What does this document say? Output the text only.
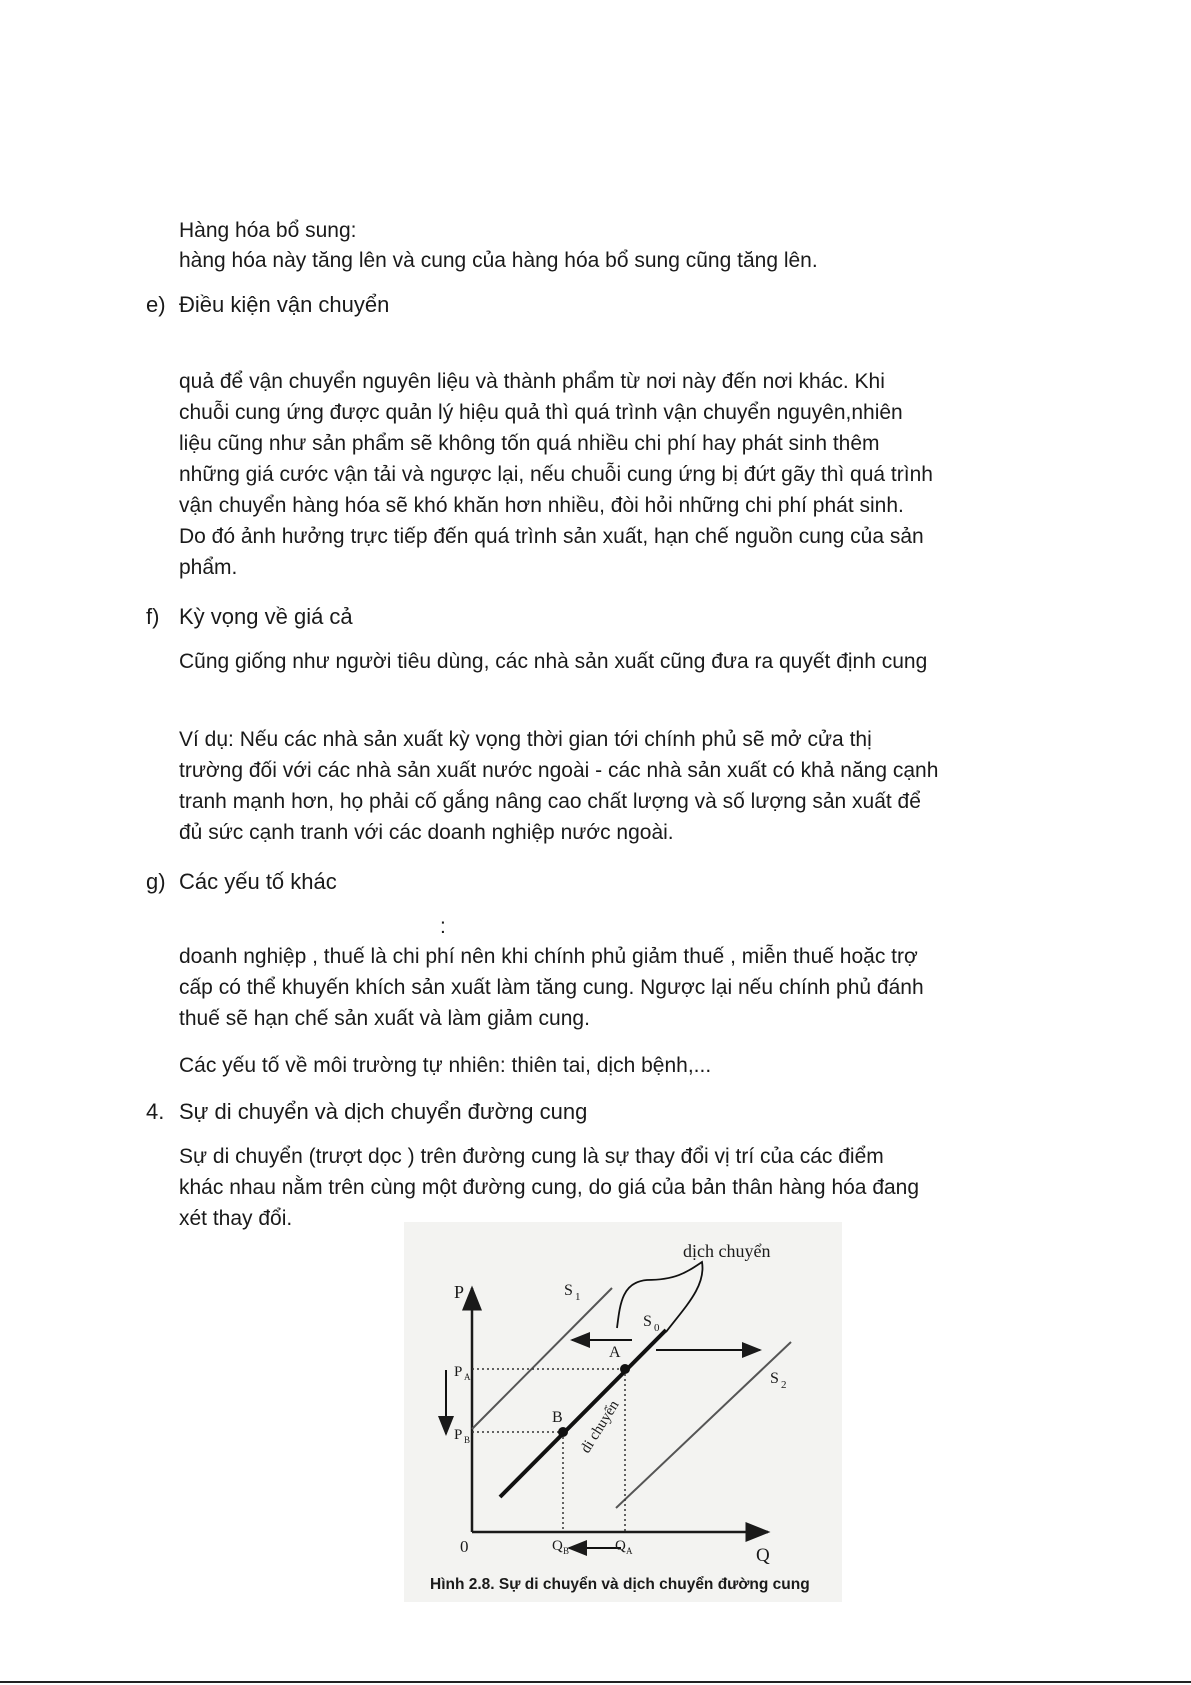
Hàng hóa bổ sung:
hàng hóa này tăng lên và cung của hàng hóa bổ sung cũng tăng lên.
e) Điều kiện vận chuyển
quả để vận chuyển nguyên liệu và thành phẩm từ nơi này đến nơi khác. Khi
chuỗi cung ứng được quản lý hiệu quả thì quá trình vận chuyển nguyên,nhiên
liệu cũng như sản phẩm sẽ không tốn quá nhiều chi phí hay phát sinh thêm
những giá cước vận tải và ngược lại, nếu chuỗi cung ứng bị đứt gãy thì quá trình
vận chuyển hàng hóa sẽ khó khăn hơn nhiều, đòi hỏi những chi phí phát sinh.
Do đó ảnh hưởng trực tiếp đến quá trình sản xuất, hạn chế nguồn cung của sản
phẩm.
f) Kỳ vọng về giá cả
Cũng giống như người tiêu dùng, các nhà sản xuất cũng đưa ra quyết định cung
Ví dụ: Nếu các nhà sản xuất kỳ vọng thời gian tới chính phủ sẽ mở cửa thị
trường đối với các nhà sản xuất nước ngoài - các nhà sản xuất có khả năng cạnh
tranh mạnh hơn, họ phải cố gắng nâng cao chất lượng và số lượng sản xuất để
đủ sức cạnh tranh với các doanh nghiệp nước ngoài.
g) Các yếu tố khác
:
doanh nghiệp , thuế là chi phí nên khi chính phủ giảm thuế , miễn thuế hoặc trợ
cấp có thể khuyến khích sản xuất làm tăng cung. Ngược lại nếu chính phủ đánh
thuế sẽ hạn chế sản xuất và làm giảm cung.
Các yếu tố về môi trường tự nhiên: thiên tai, dịch bệnh,...
4. Sự di chuyển và dịch chuyển đường cung
Sự di chuyển (trượt dọc ) trên đường cung là sự thay đổi vị trí của các điểm
khác nhau nằm trên cùng một đường cung, do giá của bản thân hàng hóa đang
xét thay đổi.
dịch chuyển
P
Q
0
S 1
S 0
S 2
A
B
P A
P B
Q B	Q A
di chuyển
Hình 2.8. Sự di chuyển và dịch chuyển đường cung
